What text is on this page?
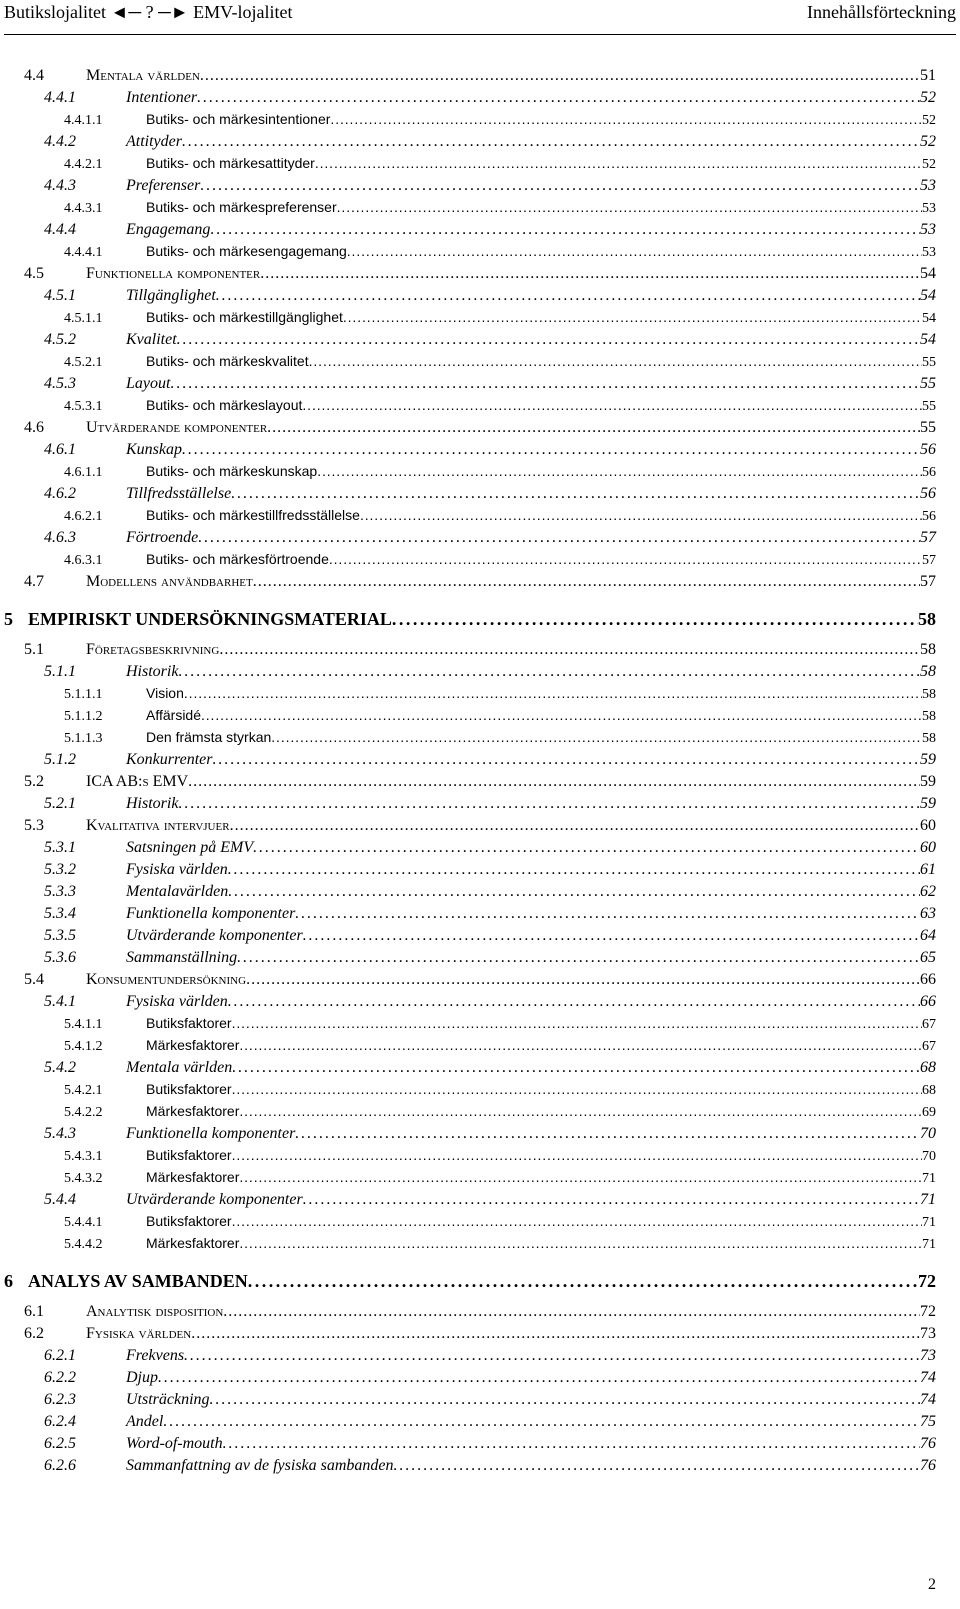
Butikslojalitet ◄─ ? ─► EMV-lojalitet	Innehållsförteckning
4.4	Mentala världen . . .	51
4.4.1	Intentioner . . .	52
4.4.1.1	Butiks- och märkesintentioner . . .	52
4.4.2	Attityder . . .	52
4.4.2.1	Butiks- och märkesattityder . . .	52
4.4.3	Preferenser . . .	53
4.4.3.1	Butiks- och märkespreferenser . . .	53
4.4.4	Engagemang . . .	53
4.4.4.1	Butiks- och märkesengagemang . . .	53
4.5	Funktionella komponenter . . .	54
4.5.1	Tillgänglighet . . .	54
4.5.1.1	Butiks- och märkestillgänglighet . . .	54
4.5.2	Kvalitet . . .	54
4.5.2.1	Butiks- och märkeskvalitet . . .	55
4.5.3	Layout . . .	55
4.5.3.1	Butiks- och märkeslayout . . .	55
4.6	Utvärderande komponenter . . .	55
4.6.1	Kunskap . . .	56
4.6.1.1	Butiks- och märkeskunskap . . .	56
4.6.2	Tillfredsställelse . . .	56
4.6.2.1	Butiks- och märkestillfredsställelse . . .	56
4.6.3	Förtroende . . .	57
4.6.3.1	Butiks- och märkesförtroende . . .	57
4.7	Modellens användbarhet . . .	57
5 EMPIRISKT UNDERSÖKNINGSMATERIAL . . .	58
5.1	Företagsbeskrivning . . .	58
5.1.1	Historik . . .	58
5.1.1.1	Vision . . .	58
5.1.1.2	Affärsidé . . .	58
5.1.1.3	Den främsta styrkan . . .	58
5.1.2	Konkurrenter . . .	59
5.2	ICA AB:s EMV . . .	59
5.2.1	Historik . . .	59
5.3	Kvalitativa intervjuer . . .	60
5.3.1	Satsningen på EMV . . .	60
5.3.2	Fysiska världen . . .	61
5.3.3	Mentalavärlden . . .	62
5.3.4	Funktionella komponenter . . .	63
5.3.5	Utvärderande komponenter . . .	64
5.3.6	Sammanställning . . .	65
5.4	Konsumentundersökning . . .	66
5.4.1	Fysiska världen . . .	66
5.4.1.1	Butiksfaktorer . . .	67
5.4.1.2	Märkesfaktorer . . .	67
5.4.2	Mentala världen . . .	68
5.4.2.1	Butiksfaktorer . . .	68
5.4.2.2	Märkesfaktorer . . .	69
5.4.3	Funktionella komponenter . . .	70
5.4.3.1	Butiksfaktorer . . .	70
5.4.3.2	Märkesfaktorer . . .	71
5.4.4	Utvärderande komponenter . . .	71
5.4.4.1	Butiksfaktorer . . .	71
5.4.4.2	Märkesfaktorer . . .	71
6 ANALYS AV SAMBANDEN . . .	72
6.1	Analytisk disposition . . .	72
6.2	Fysiska världen . . .	73
6.2.1	Frekvens . . .	73
6.2.2	Djup . . .	74
6.2.3	Utsträckning . . .	74
6.2.4	Andel . . .	75
6.2.5	Word-of-mouth . . .	76
6.2.6	Sammanfattning av de fysiska sambanden . . .	76
2
